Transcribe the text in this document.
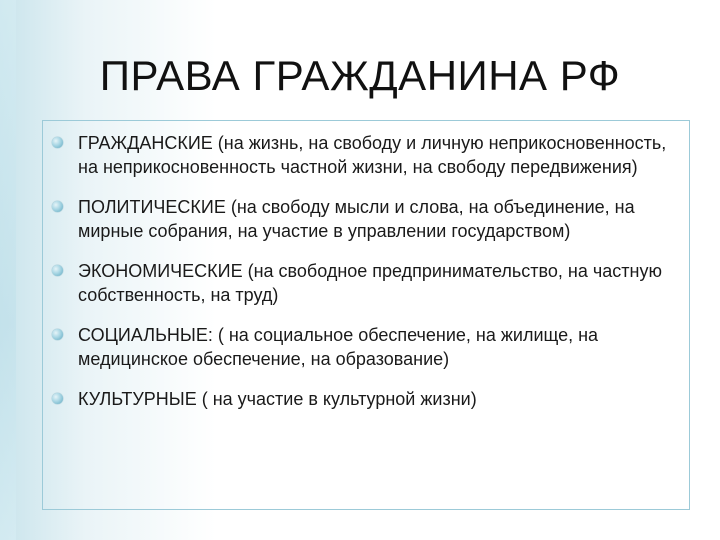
ПРАВА ГРАЖДАНИНА РФ
ГРАЖДАНСКИЕ (на жизнь, на свободу и личную неприкосновенность, на неприкосновенность частной жизни, на свободу передвижения)
ПОЛИТИЧЕСКИЕ (на свободу мысли и слова, на объединение, на мирные собрания, на участие в управлении государством)
ЭКОНОМИЧЕСКИЕ (на свободное предпринимательство, на частную собственность, на труд)
СОЦИАЛЬНЫЕ: ( на социальное обеспечение, на жилище, на медицинское обеспечение, на образование)
КУЛЬТУРНЫЕ ( на участие в культурной жизни)
